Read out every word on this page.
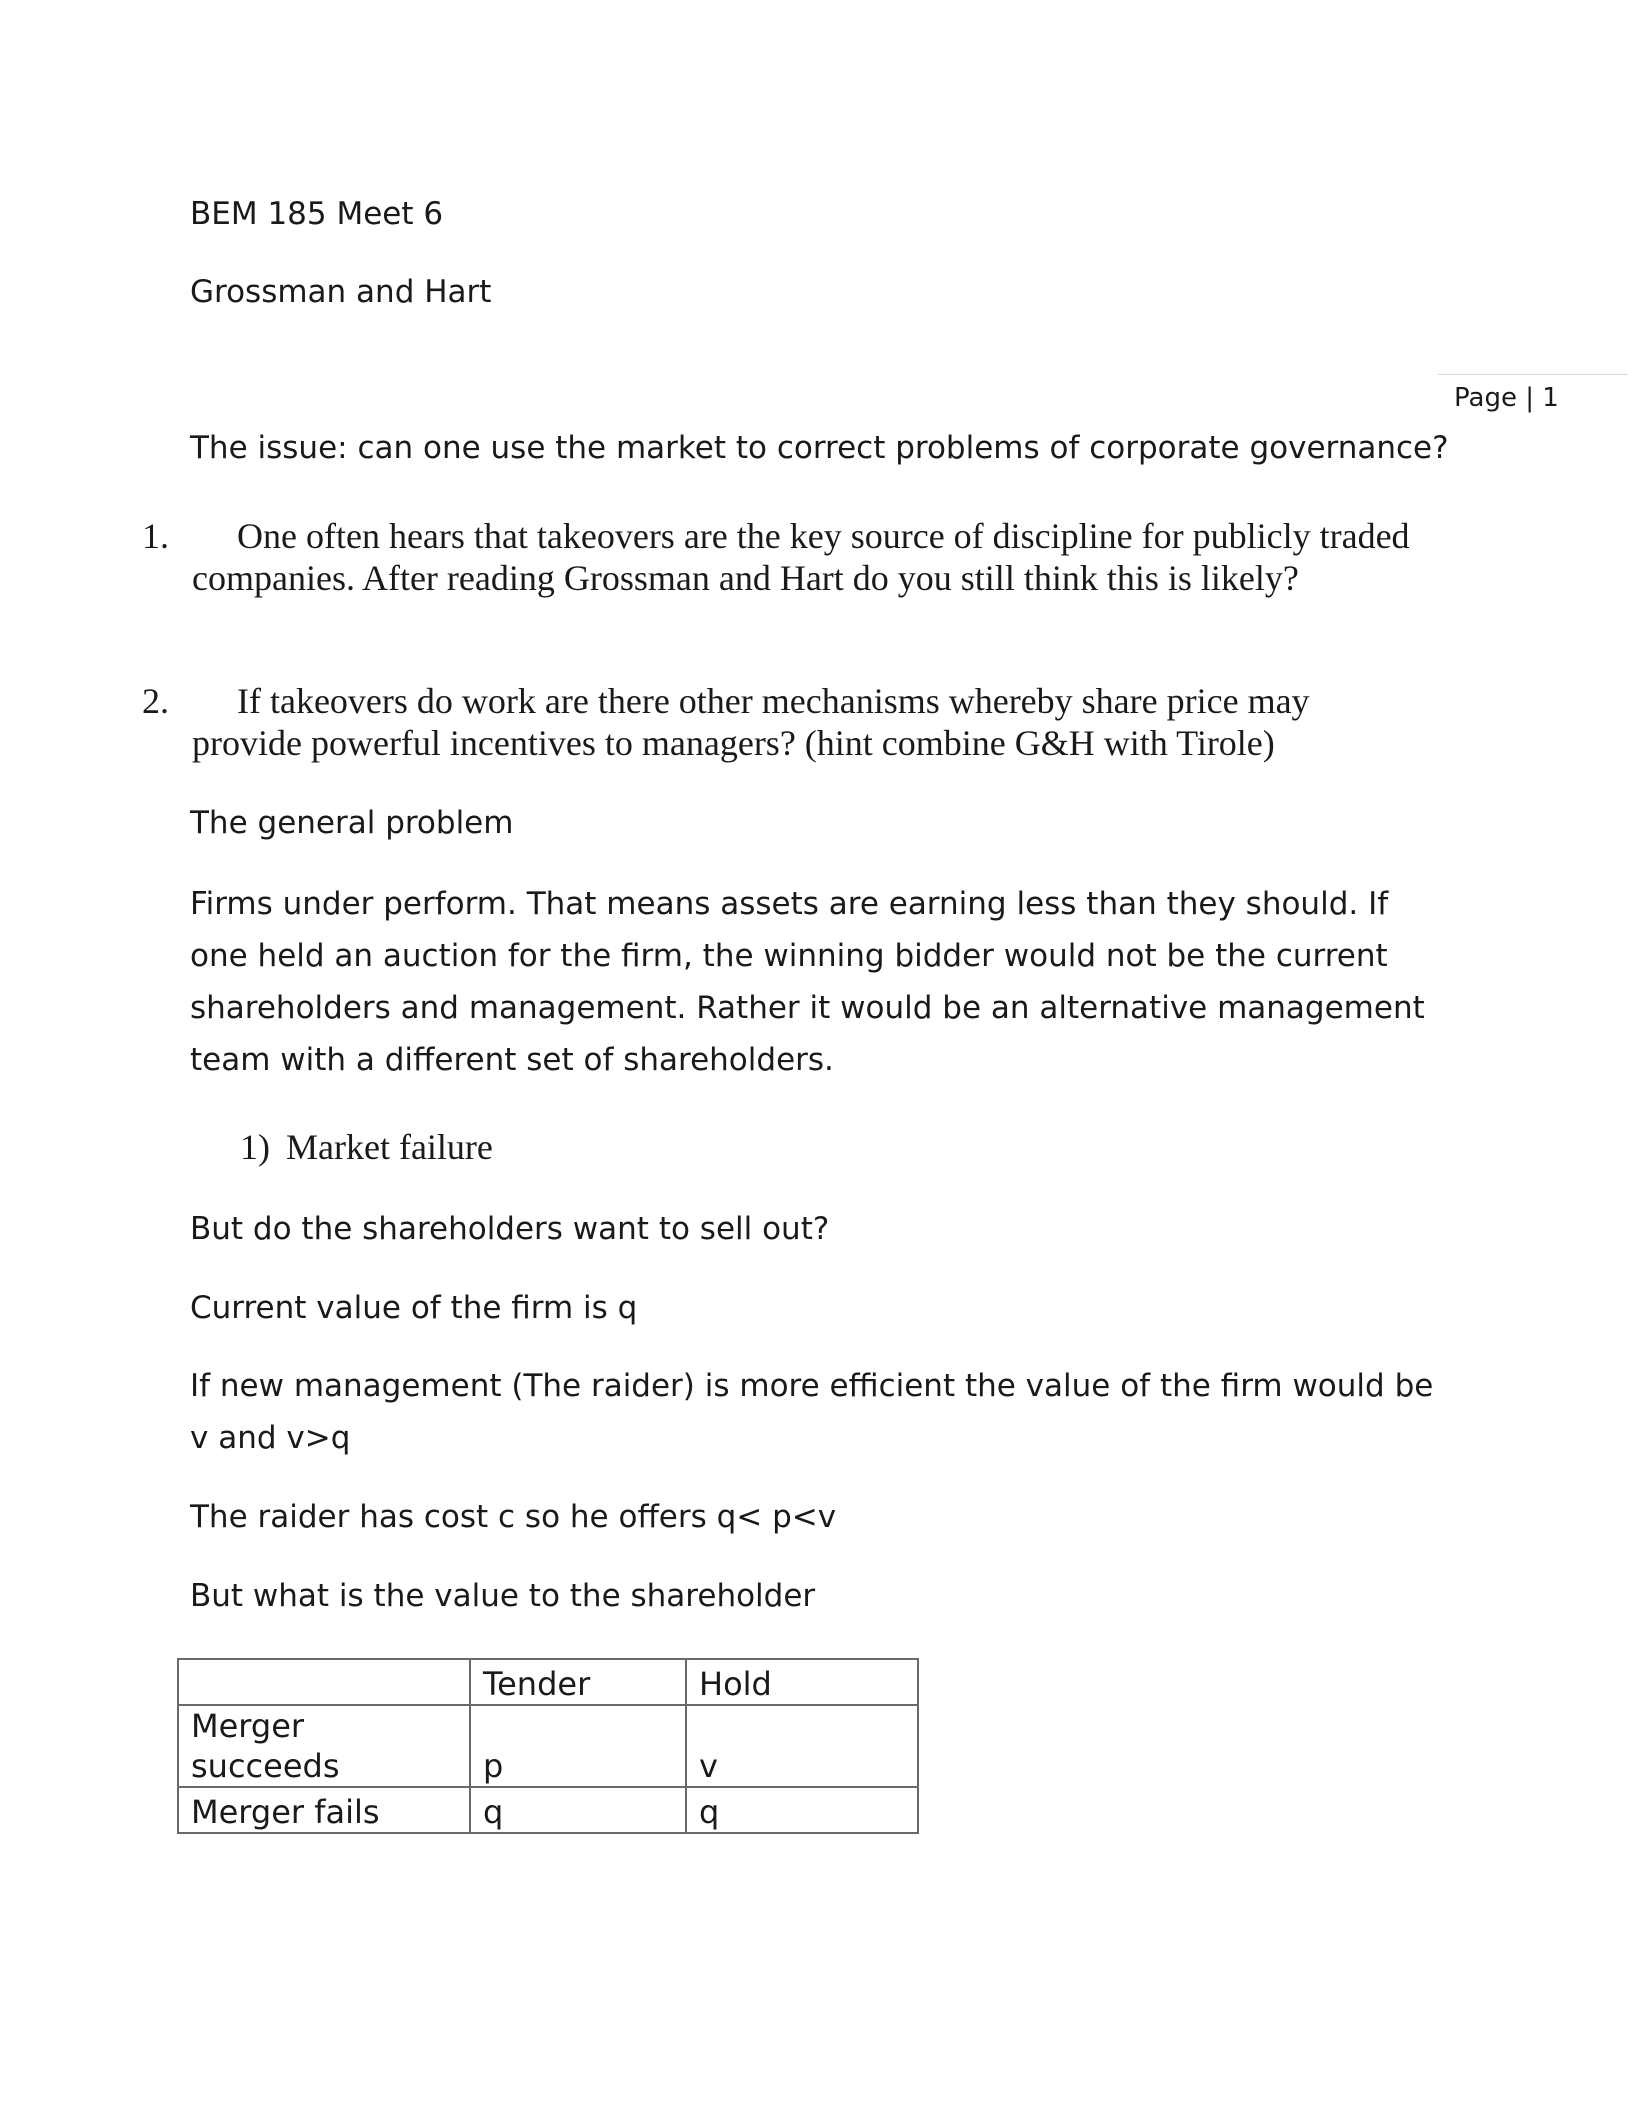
BEM 185 Meet 6
Grossman and Hart
Page | 1
The issue: can one use the market to correct problems of corporate governance?
1.	One often hears that takeovers are the key source of discipline for publicly traded companies. After reading Grossman and Hart do you still think this is likely?
2.	If takeovers do work are there other mechanisms whereby share price may provide powerful incentives to managers? (hint combine G&H with Tirole)
The general problem
Firms under perform. That means assets are earning less than they should. If one held an auction for the firm, the winning bidder would not be the current shareholders and management. Rather it would be an alternative management team with a different set of shareholders.
1) Market failure
But do the shareholders want to sell out?
Current value of the firm is q
If new management (The raider) is more efficient the value of the firm would be v and v>q
The raider has cost c so he offers q< p<v
But what is the value to the shareholder
	Tender	Hold
Merger succeeds	p	v
Merger fails	q	q
